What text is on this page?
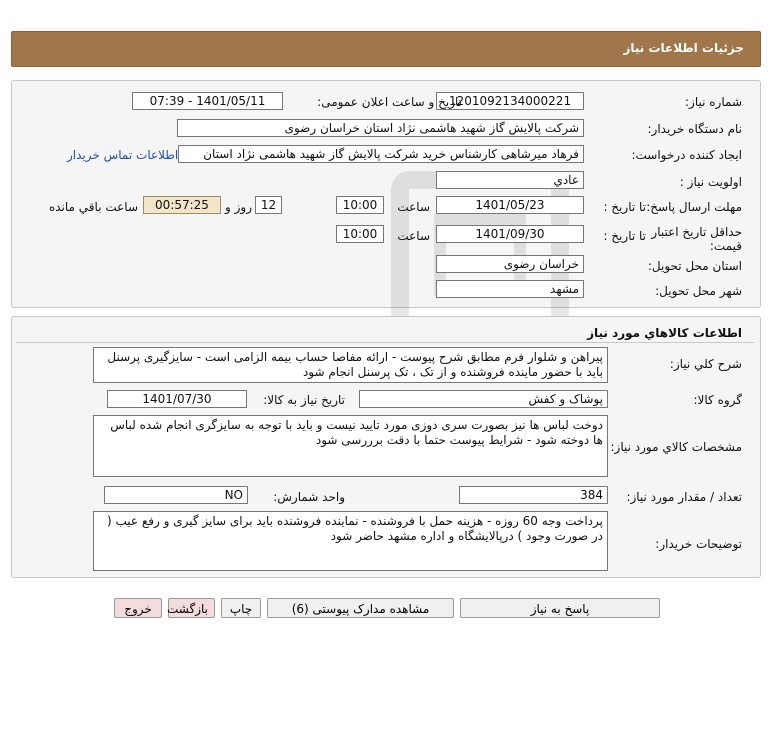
جزئیات اطلاعات نیاز
شماره نیاز:
1201092134000221
تاریخ و ساعت اعلان عمومی:
1401/05/11 - 07:39
نام دستگاه خریدار:
شرکت پالایش گاز شهید هاشمی نژاد استان خراسان رضوی
ایجاد کننده درخواست:
فرهاد میرشاهی کارشناس خرید شرکت پالایش گاز شهید هاشمی نژاد استان
اطلاعات تماس خریدار
اولویت نیاز :
عادي
مهلت ارسال پاسخ:
تا تاریخ :
1401/05/23
ساعت
10:00
12
روز و
00:57:25
ساعت باقي مانده
حداقل تاریخ اعتبار قیمت:
تا تاریخ :
1401/09/30
ساعت
10:00
استان محل تحویل:
خراسان رضوی
شهر محل تحویل:
مشهد
اطلاعات کالاهاي مورد نياز
شرح کلي نياز:
پیراهن و شلوار فرم مطابق شرح پیوست - ارائه مفاصا حساب بیمه الزامی است - سایزگیری پرسنل باید با حضور ماینده فروشنده و از تک ، تک پرسنل انجام شود
گروه کالا:
پوشاک و کفش
تاریخ نیاز به کالا:
1401/07/30
مشخصات کالاي مورد نياز:
دوخت لباس ها نیز بصورت سری دوزی مورد تایید نیست و باید با توجه به سایزگری انجام شده لباس ها دوخته شود - شرایط پیوست حتما با دقت برررسی شود
تعداد / مقدار مورد نیاز:
384
واحد شمارش:
NO
توضیحات خریدار:
پرداخت وجه 60 روزه - هزینه حمل با فروشنده - نماینده فروشنده باید برای سایز گیری و رفع عیب ( در صورت وجود ) درپالایشگاه و اداره مشهد حاضر شود
پاسخ به نیاز
مشاهده مدارک پیوستی (6)
چاپ
بازگشت
خروج
